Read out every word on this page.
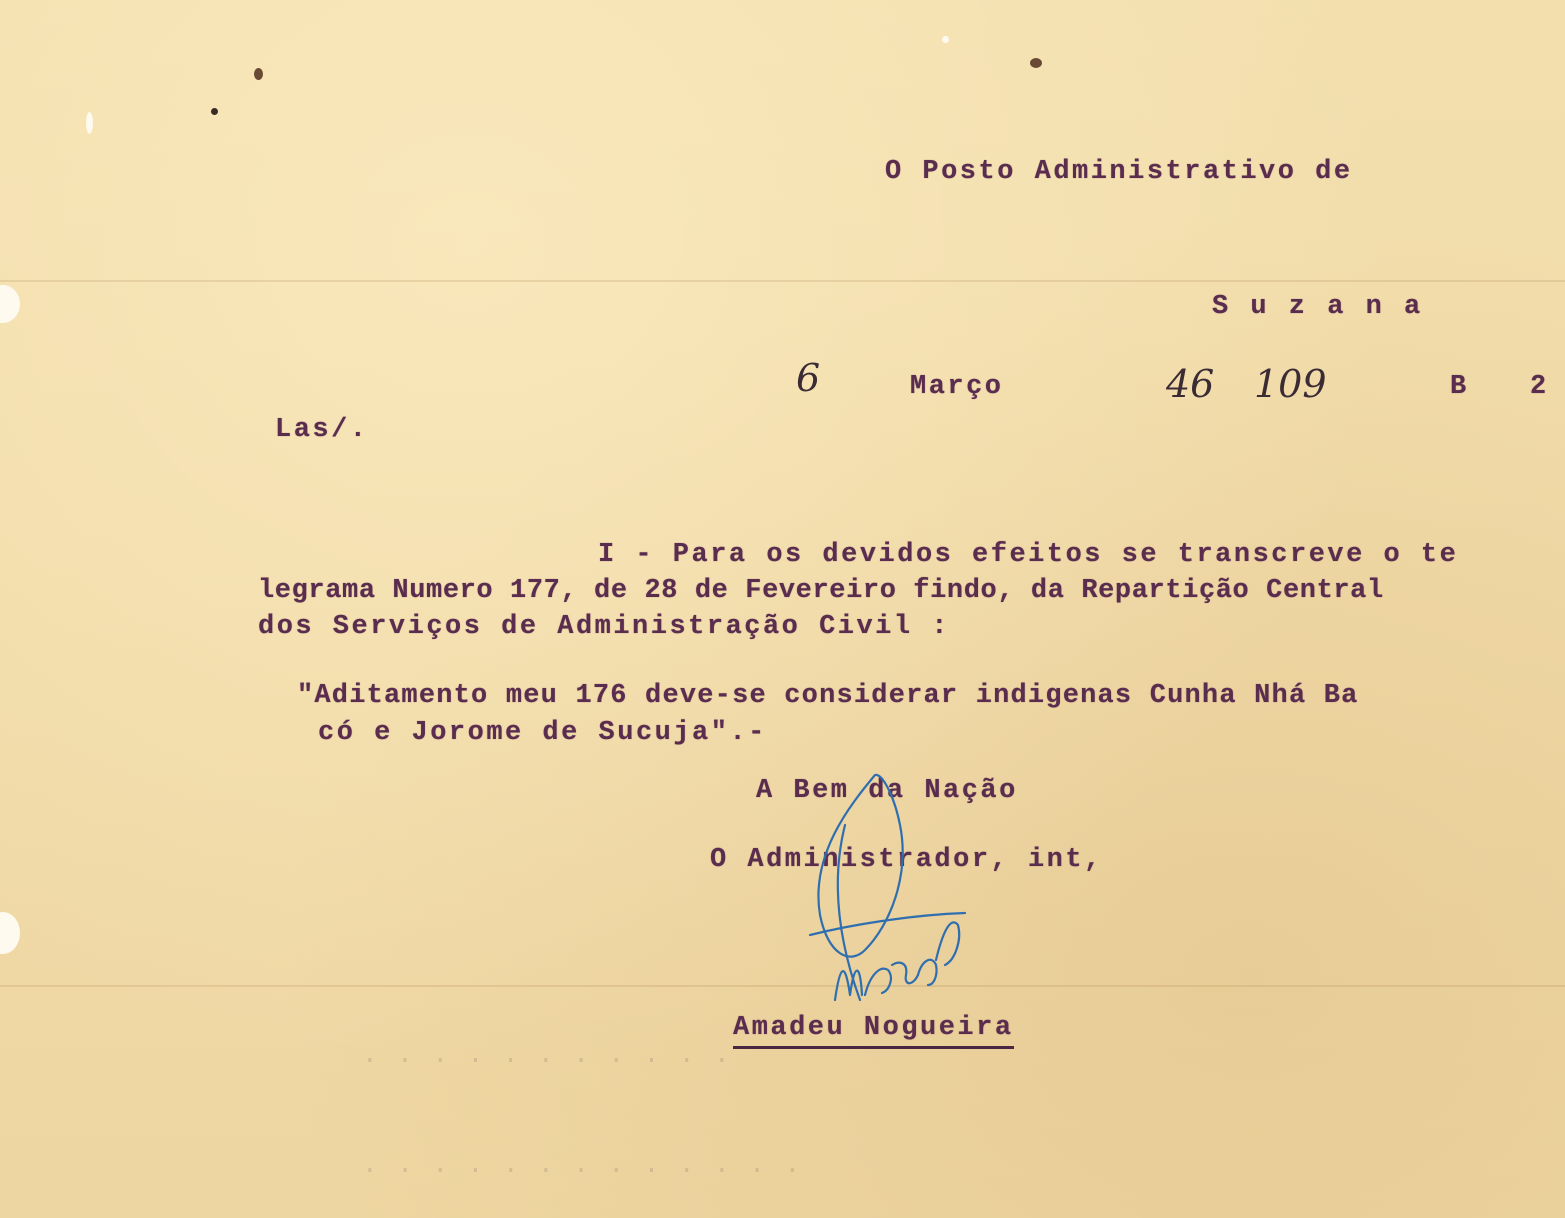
. . . . . . . . . . .
. . . . . . . . . . . . .
O Posto Administrativo de
S u z a n a
6	Março	46 109	B 2
Las/.
I - Para os devidos efeitos se transcreve o te
legrama Numero 177, de 28 de Fevereiro findo, da Repartição Central
dos Serviços de Administração Civil :
"Aditamento meu 176 deve-se considerar indigenas Cunha Nhá Ba
có e Jorome de Sucuja".-
A Bem da Nação
O Administrador, int,
Amadeu Nogueira
